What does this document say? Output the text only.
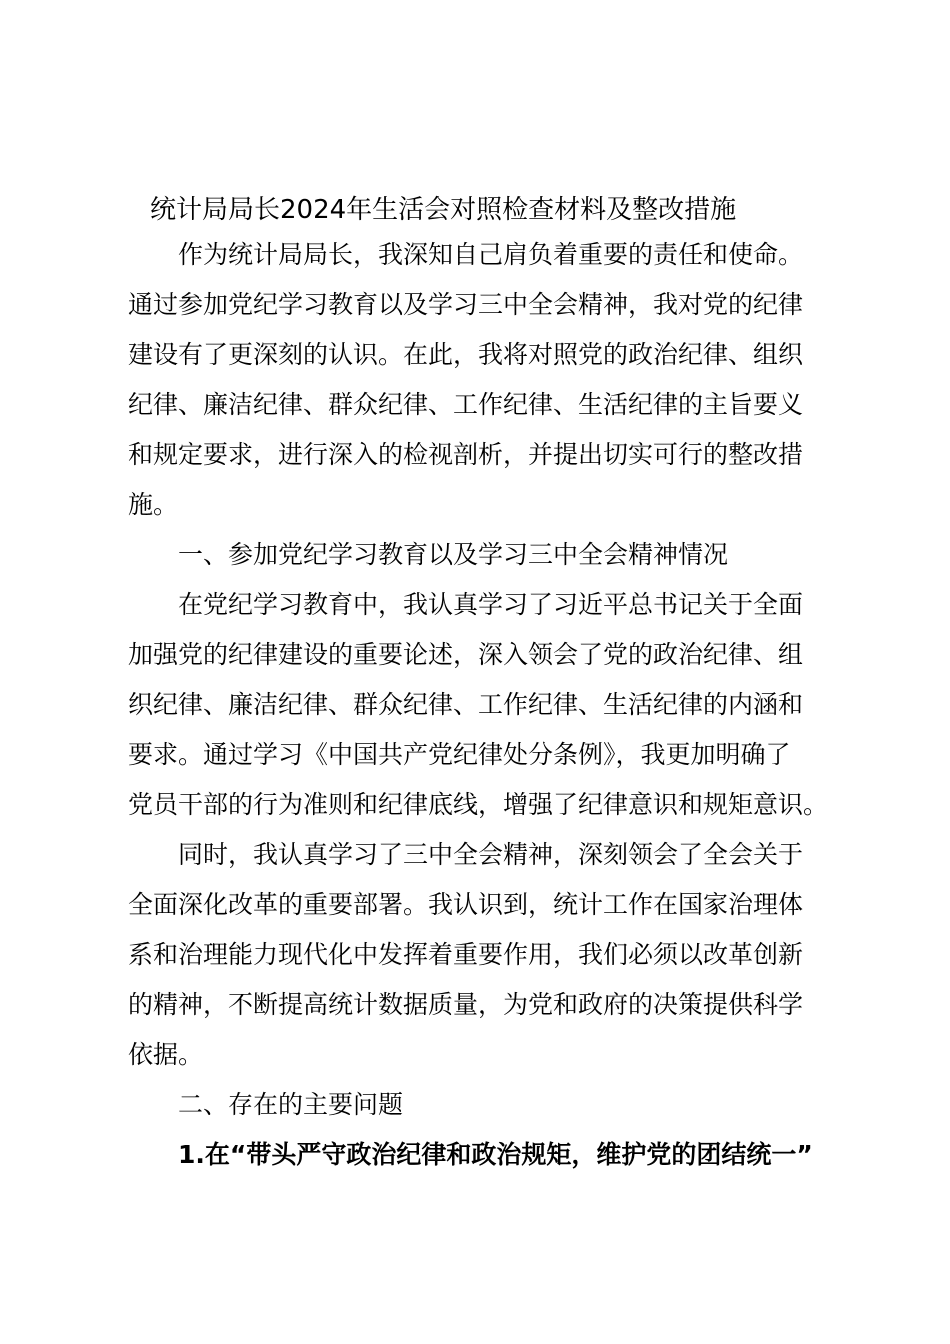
统计局局长2024年生活会对照检查材料及整改措施
作为统计局局长，我深知自己肩负着重要的责任和使命。
通过参加党纪学习教育以及学习三中全会精神，我对党的纪律
建设有了更深刻的认识。在此，我将对照党的政治纪律、组织
纪律、廉洁纪律、群众纪律、工作纪律、生活纪律的主旨要义
和规定要求，进行深入的检视剖析，并提出切实可行的整改措
施。
一、参加党纪学习教育以及学习三中全会精神情况
在党纪学习教育中，我认真学习了习近平总书记关于全面
加强党的纪律建设的重要论述，深入领会了党的政治纪律、组
织纪律、廉洁纪律、群众纪律、工作纪律、生活纪律的内涵和
要求。通过学习《中国共产党纪律处分条例》，我更加明确了
党员干部的行为准则和纪律底线，增强了纪律意识和规矩意识。
同时，我认真学习了三中全会精神，深刻领会了全会关于
全面深化改革的重要部署。我认识到，统计工作在国家治理体
系和治理能力现代化中发挥着重要作用，我们必须以改革创新
的精神，不断提高统计数据质量，为党和政府的决策提供科学
依据。
二、存在的主要问题
1.在“带头严守政治纪律和政治规矩，维护党的团结统一”
